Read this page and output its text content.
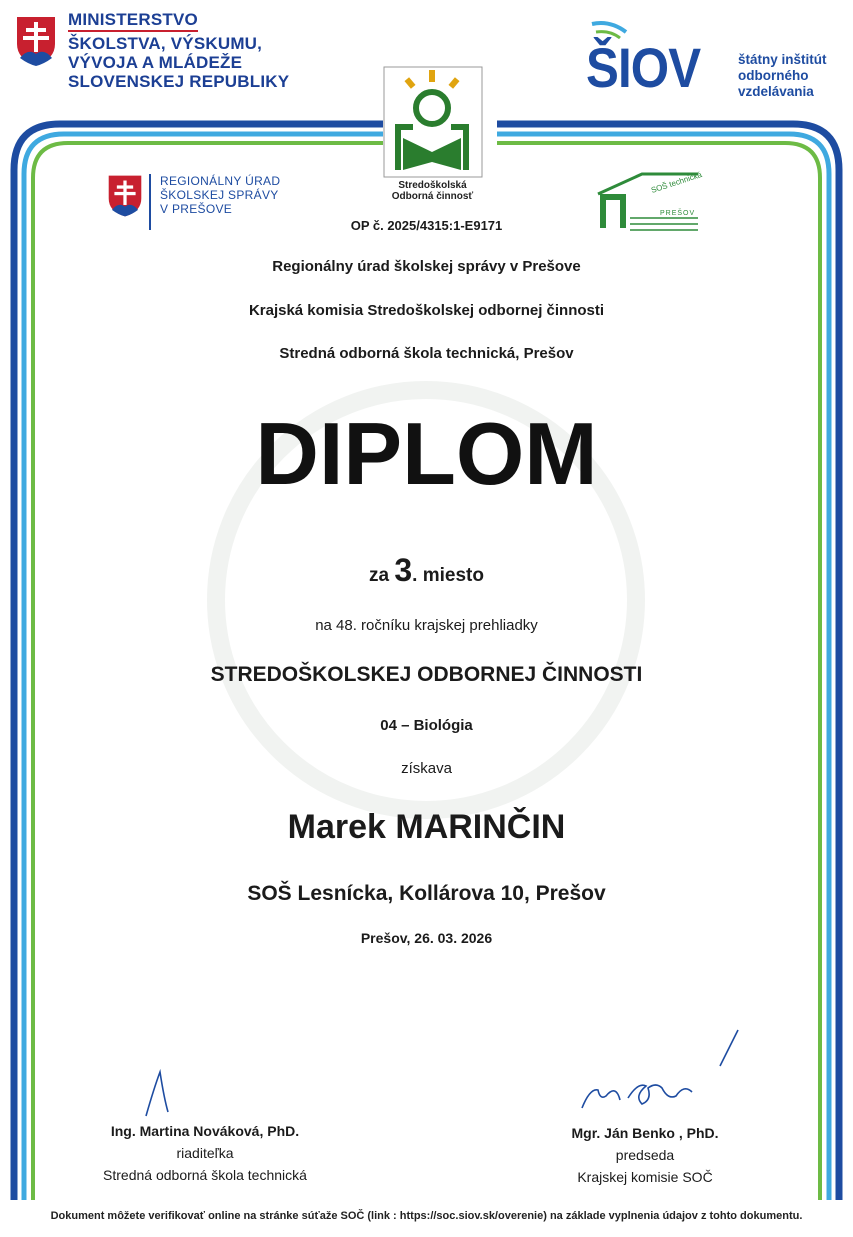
MINISTERSTVO
ŠKOLSTVA, VÝSKUMU,
VÝVOJA A MLÁDEŽE
SLOVENSKEJ REPUBLIKY	ŠIOV	štátny inštitút
odborného
vzdelávania
Stredoškolská
Odborná činnosť
REGIONÁLNY ÚRAD
ŠKOLSKEJ SPRÁVY
V PREŠOVE
SOŠ technická
PREŠOV
OP č. 2025/4315:1-E9171
Regionálny úrad školskej správy v Prešove
Krajská komisia Stredoškolskej odbornej činnosti
Stredná odborná škola technická, Prešov
DIPLOM
za 3. miesto
na 48. ročníku krajskej prehliadky
STREDOŠKOLSKEJ ODBORNEJ ČINNOSTI
04 – Biológia
získava
Marek MARINČIN
SOŠ Lesnícka, Kollárova 10, Prešov
Prešov, 26. 03. 2026
Ing. Martina Nováková, PhD.
riaditeľka
Stredná odborná škola technická
Mgr. Ján Benko , PhD.
predseda
Krajskej komisie SOČ
Dokument môžete verifikovať online na stránke súťaže SOČ (link : https://soc.siov.sk/overenie) na základe vyplnenia údajov z tohto dokumentu.
